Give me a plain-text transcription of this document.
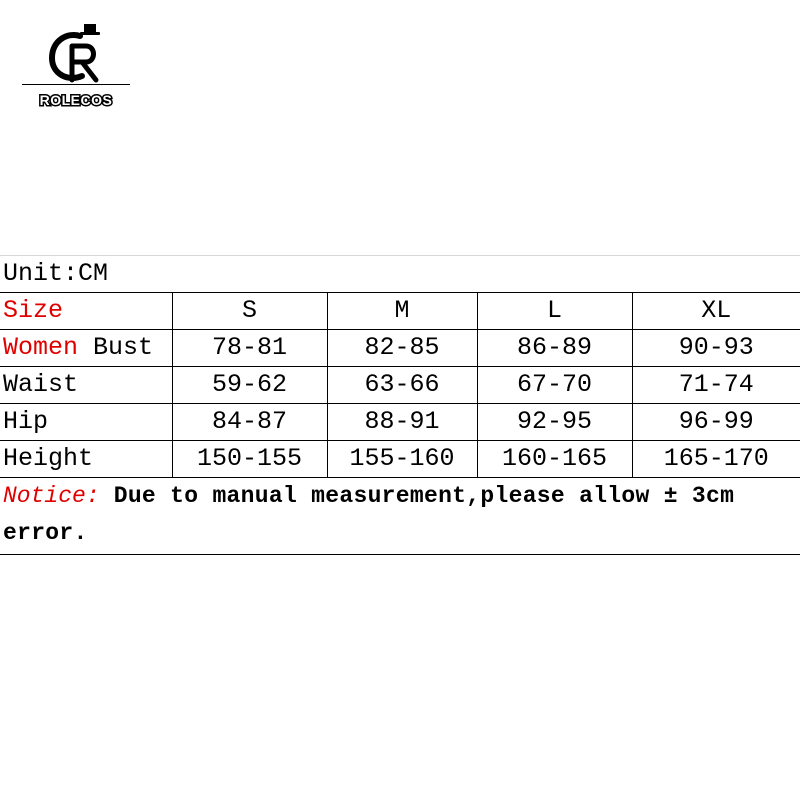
ROLECOS
Unit:CM				
Size	S	M	L	XL
Women Bust	78-81	82-85	86-89	90-93
Waist	59-62	63-66	67-70	71-74
Hip	84-87	88-91	92-95	96-99
Height	150-155	155-160	160-165	165-170
Notice: Due to manual measurement,please allow ± 3cm error.				
